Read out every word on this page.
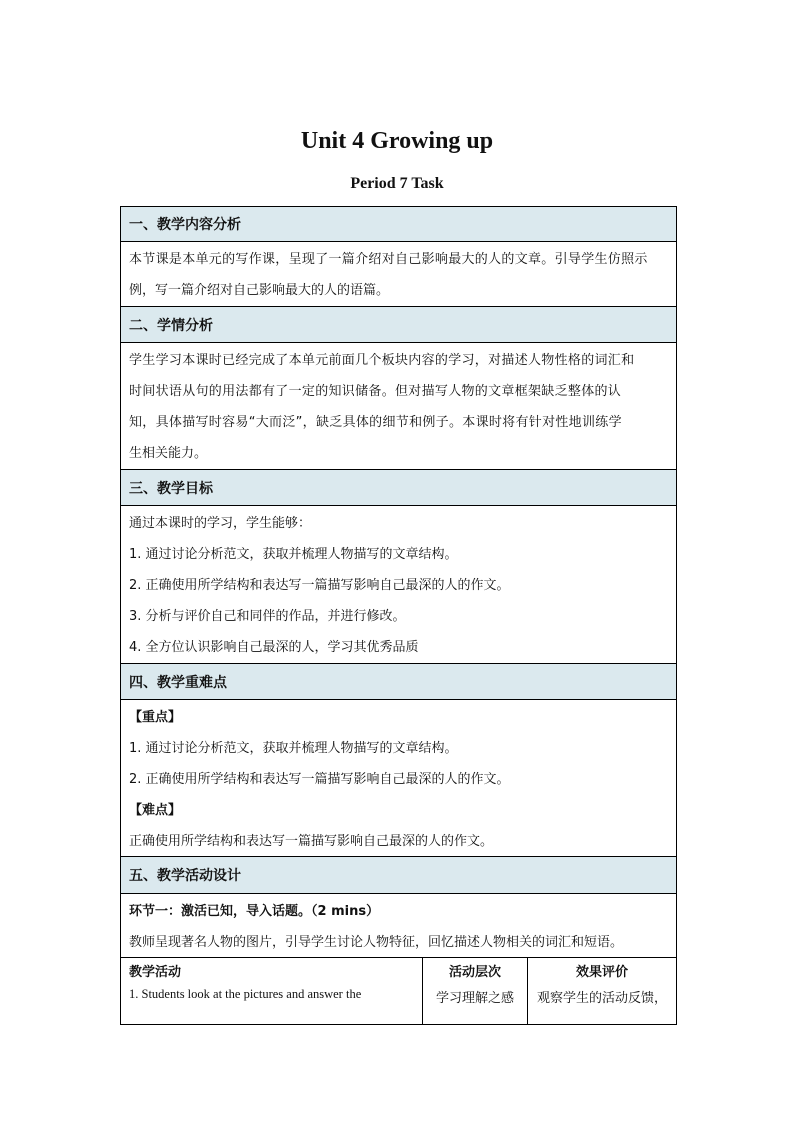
Unit 4 Growing up
Period 7 Task
一、教学内容分析
本节课是本单元的写作课，呈现了一篇介绍对自己影响最大的人的文章。引导学生仿照示
例，写一篇介绍对自己影响最大的人的语篇。
二、学情分析
学生学习本课时已经完成了本单元前面几个板块内容的学习，对描述人物性格的词汇和
时间状语从句的用法都有了一定的知识储备。但对描写人物的文章框架缺乏整体的认
知，具体描写时容易“大而泛”，缺乏具体的细节和例子。本课时将有针对性地训练学
生相关能力。
三、教学目标
通过本课时的学习，学生能够：
1. 通过讨论分析范文，获取并梳理人物描写的文章结构。
2. 正确使用所学结构和表达写一篇描写影响自己最深的人的作文。
3. 分析与评价自己和同伴的作品，并进行修改。
4. 全方位认识影响自己最深的人，学习其优秀品质
四、教学重难点
【重点】
1. 通过讨论分析范文，获取并梳理人物描写的文章结构。
2. 正确使用所学结构和表达写一篇描写影响自己最深的人的作文。
【难点】
正确使用所学结构和表达写一篇描写影响自己最深的人的作文。
五、教学活动设计
环节一：激活已知，导入话题。（2 mins）
教师呈现著名人物的图片，引导学生讨论人物特征，回忆描述人物相关的词汇和短语。
教学活动
1. Students look at the pictures and answer the
活动层次
学习理解之感
效果评价
观察学生的活动反馈，
